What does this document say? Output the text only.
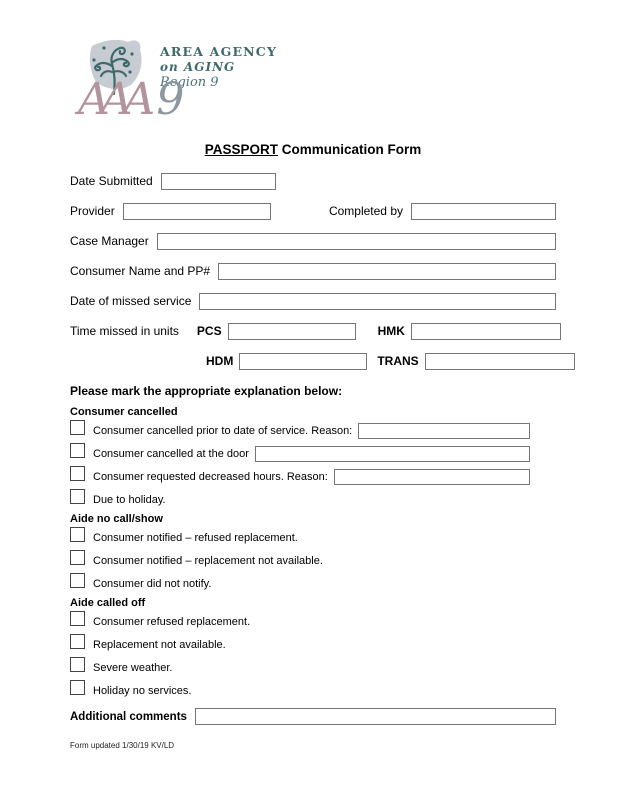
AREA AGENCY
on AGING
Region 9
AAA 9
PASSPORT Communication Form
Date Submitted
Provider	Completed by
Case Manager
Consumer Name and PP#
Date of missed service
Time missed in units PCS	HMK
HDM	TRANS
Please mark the appropriate explanation below:
Consumer cancelled
Consumer cancelled prior to date of service. Reason:
Consumer cancelled at the door
Consumer requested decreased hours. Reason:
Due to holiday.
Aide no call/show
Consumer notified – refused replacement.
Consumer notified – replacement not available.
Consumer did not notify.
Aide called off
Consumer refused replacement.
Replacement not available.
Severe weather.
Holiday no services.
Additional comments
Form updated 1/30/19 KV/LD
